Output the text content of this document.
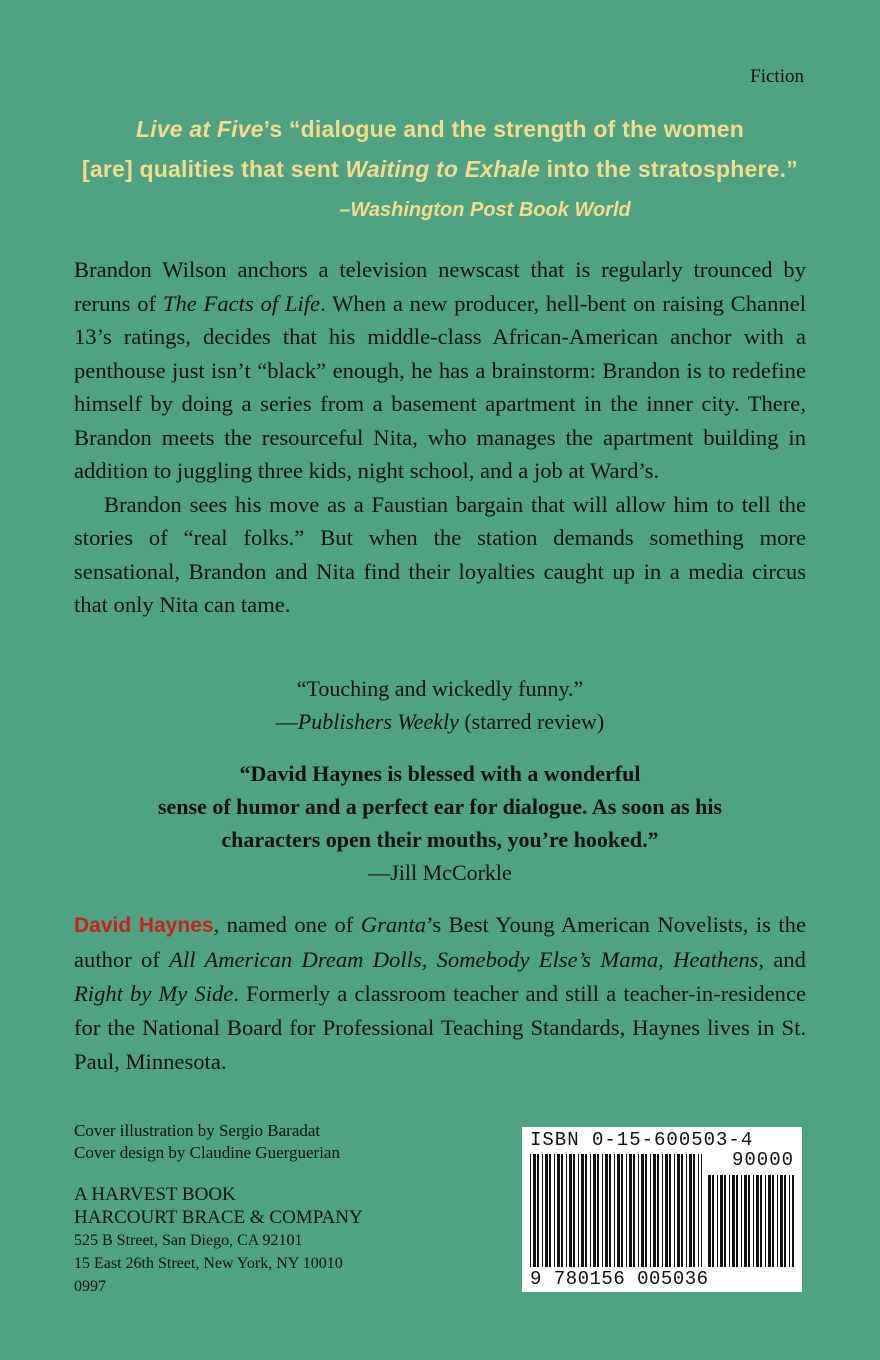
Fiction
Live at Five’s “dialogue and the strength of the women
[are] qualities that sent Waiting to Exhale into the stratosphere.”
–Washington Post Book World

Brandon Wilson anchors a television newscast that is regularly trounced by reruns of The Facts of Life. When a new producer, hell-bent on raising Channel 13’s ratings, decides that his middle-class African-American anchor with a penthouse just isn’t “black” enough, he has a brainstorm: Brandon is to redefine himself by doing a series from a basement apartment in the inner city. There, Brandon meets the resourceful Nita, who manages the apartment building in addition to juggling three kids, night school, and a job at Ward’s.

Brandon sees his move as a Faustian bargain that will allow him to tell the stories of “real folks.” But when the station demands something more sensational, Brandon and Nita find their loyalties caught up in a media circus that only Nita can tame.

“Touching and wickedly funny.”
—Publishers Weekly (starred review)
“David Haynes is blessed with a wonderful
sense of humor and a perfect ear for dialogue. As soon as his
characters open their mouths, you’re hooked.”
—Jill McCorkle
David Haynes, named one of Granta’s Best Young American Novelists, is the author of All American Dream Dolls, Somebody Else’s Mama, Heathens, and Right by My Side. Formerly a classroom teacher and still a teacher-in-residence for the National Board for Professional Teaching Standards, Haynes lives in St. Paul, Minnesota.
Cover illustration by Sergio Baradat
Cover design by Claudine Guerguerian
A HARVEST BOOK
HARCOURT BRACE & COMPANY
525 B Street, San Diego, CA 92101
15 East 26th Street, New York, NY 10010
0997
ISBN 0-15-600503-4
90000
9 780156 005036
